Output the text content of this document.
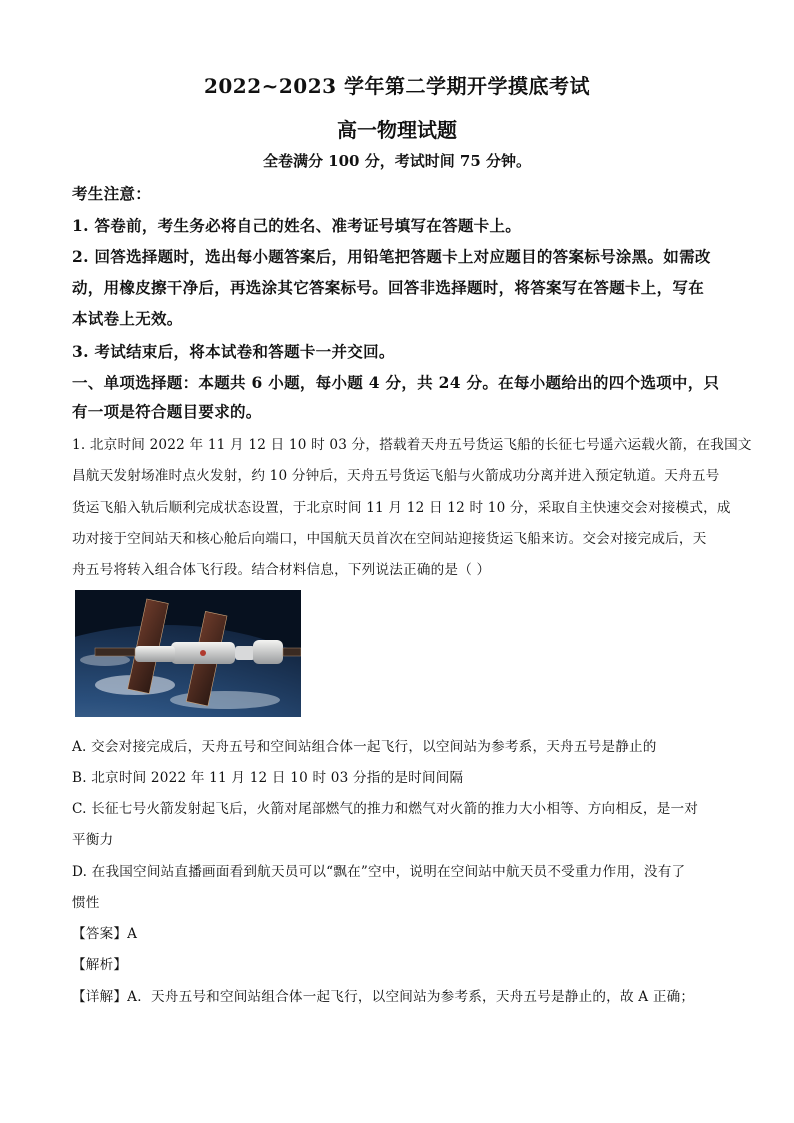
2022~2023 学年第二学期开学摸底考试
高一物理试题
全卷满分 100 分，考试时间 75 分钟。
考生注意：
1. 答卷前，考生务必将自己的姓名、准考证号填写在答题卡上。
2. 回答选择题时，选出每小题答案后，用铅笔把答题卡上对应题目的答案标号涂黑。如需改
动，用橡皮擦干净后，再选涂其它答案标号。回答非选择题时，将答案写在答题卡上，写在
本试卷上无效。
3. 考试结束后，将本试卷和答题卡一并交回。
一、单项选择题：本题共 6 小题，每小题 4 分，共 24 分。在每小题给出的四个选项中，只
有一项是符合题目要求的。
1. 北京时间 2022 年 11 月 12 日 10 时 03 分，搭载着天舟五号货运飞船的长征七号遥六运载火箭，在我国文
昌航天发射场准时点火发射，约 10 分钟后，天舟五号货运飞船与火箭成功分离并进入预定轨道。天舟五号
货运飞船入轨后顺利完成状态设置，于北京时间 11 月 12 日 12 时 10 分，采取自主快速交会对接模式，成
功对接于空间站天和核心舱后向端口，中国航天员首次在空间站迎接货运飞船来访。交会对接完成后，天
舟五号将转入组合体飞行段。结合材料信息，下列说法正确的是（ ）
A. 交会对接完成后，天舟五号和空间站组合体一起飞行，以空间站为参考系，天舟五号是静止的
B. 北京时间 2022 年 11 月 12 日 10 时 03 分指的是时间间隔
C. 长征七号火箭发射起飞后，火箭对尾部燃气的推力和燃气对火箭的推力大小相等、方向相反，是一对
平衡力
D. 在我国空间站直播画面看到航天员可以“飘在”空中，说明在空间站中航天员不受重力作用，没有了
惯性
【答案】A
【解析】
【详解】A．天舟五号和空间站组合体一起飞行，以空间站为参考系，天舟五号是静止的，故 A 正确；
